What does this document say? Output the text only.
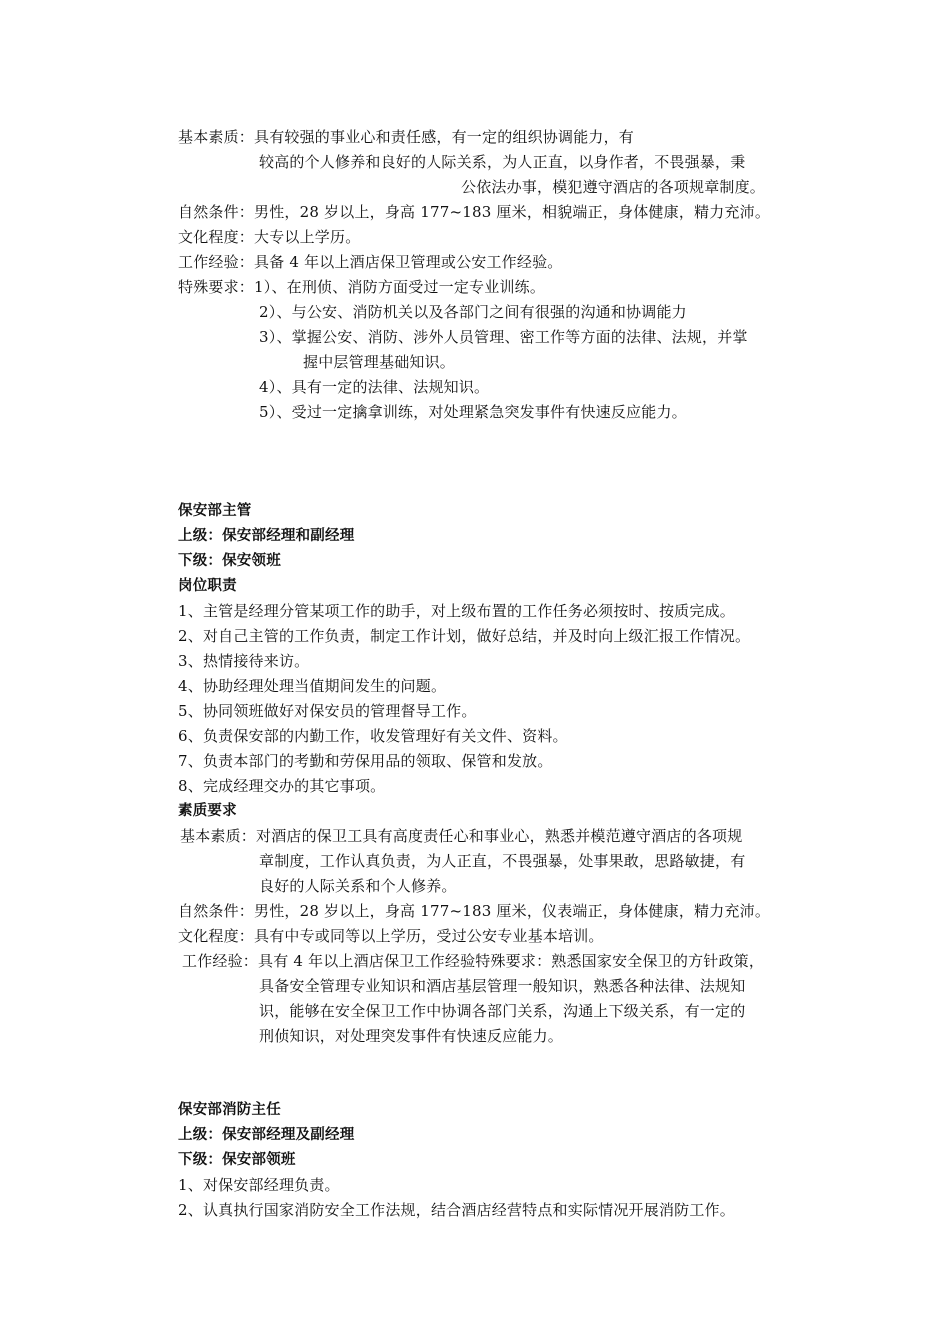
基本素质：具有较强的事业心和责任感，有一定的组织协调能力，有
较高的个人修养和良好的人际关系，为人正直，以身作者，不畏强暴，秉
公依法办事，模犯遵守酒店的各项规章制度。
自然条件：男性，28 岁以上，身高 177~183 厘米，相貌端正，身体健康，精力充沛。
文化程度：大专以上学历。
工作经验：具备 4 年以上酒店保卫管理或公安工作经验。
特殊要求：1）、在刑侦、消防方面受过一定专业训练。
2）、与公安、消防机关以及各部门之间有很强的沟通和协调能力
3）、掌握公安、消防、涉外人员管理、密工作等方面的法律、法规，并掌
握中层管理基础知识。
4）、具有一定的法律、法规知识。
5）、受过一定擒拿训练，对处理紧急突发事件有快速反应能力。
保安部主管
上级：保安部经理和副经理
下级：保安领班
岗位职责
1、主管是经理分管某项工作的助手，对上级布置的工作任务必须按时、按质完成。
2、对自己主管的工作负责，制定工作计划，做好总结，并及时向上级汇报工作情况。
3、热情接待来访。
4、协助经理处理当值期间发生的问题。
5、协同领班做好对保安员的管理督导工作。
6、负责保安部的内勤工作，收发管理好有关文件、资料。
7、负责本部门的考勤和劳保用品的领取、保管和发放。
8、完成经理交办的其它事项。
素质要求
基本素质：对酒店的保卫工具有高度责任心和事业心，熟悉并模范遵守酒店的各项规
章制度，工作认真负责，为人正直，不畏强暴，处事果敢，思路敏捷，有
良好的人际关系和个人修养。
自然条件：男性，28 岁以上，身高 177~183 厘米，仪表端正，身体健康，精力充沛。
文化程度：具有中专或同等以上学历，受过公安专业基本培训。
工作经验：具有 4 年以上酒店保卫工作经验特殊要求：熟悉国家安全保卫的方针政策，
具备安全管理专业知识和酒店基层管理一般知识，熟悉各种法律、法规知
识，能够在安全保卫工作中协调各部门关系，沟通上下级关系，有一定的
刑侦知识，对处理突发事件有快速反应能力。
保安部消防主任
上级：保安部经理及副经理
下级：保安部领班
1、对保安部经理负责。
2、认真执行国家消防安全工作法规，结合酒店经营特点和实际情况开展消防工作。
